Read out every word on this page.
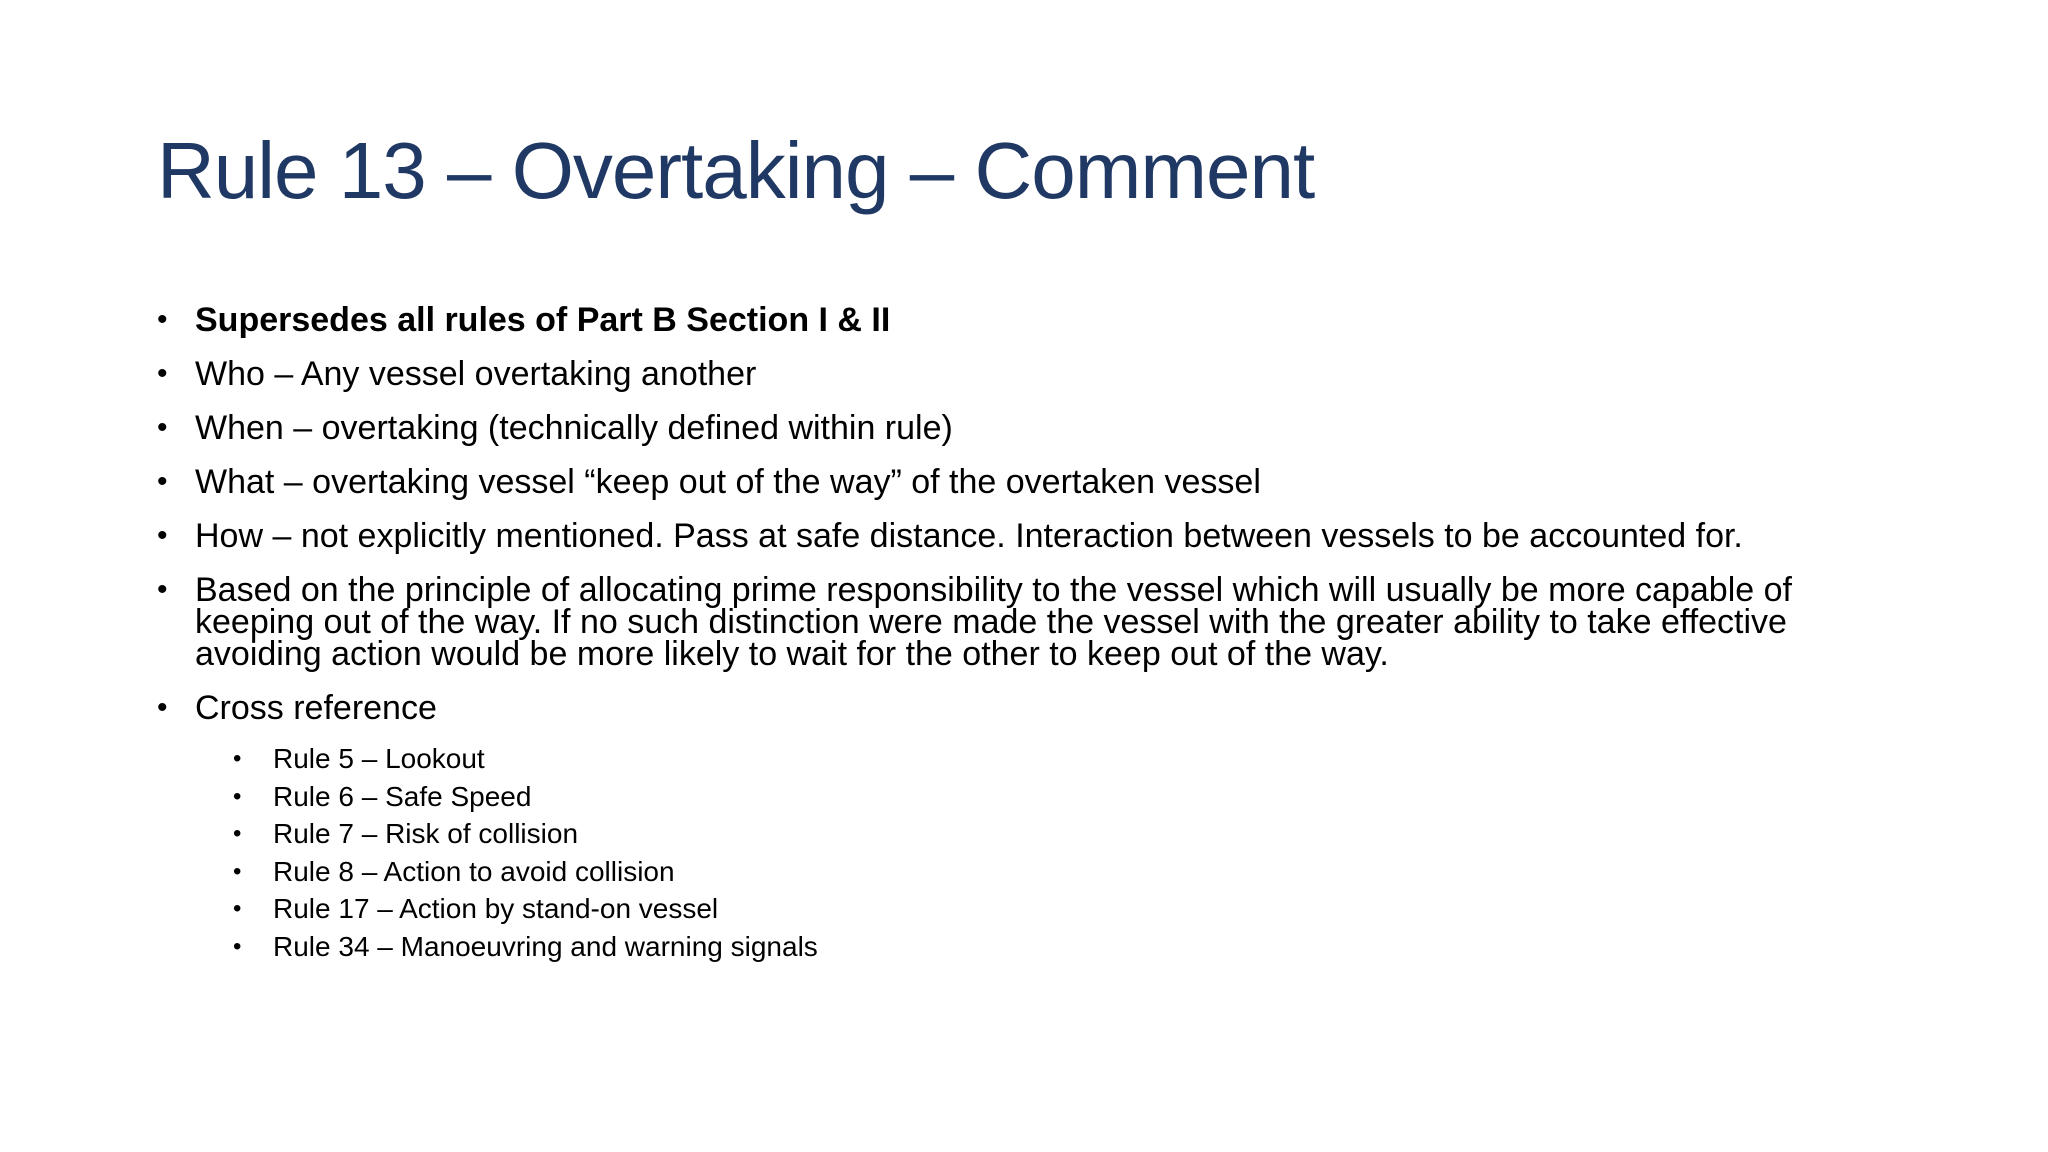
Rule 13 – Overtaking – Comment
• Supersedes all rules of Part B Section I & II
• Who – Any vessel overtaking another
• When – overtaking (technically defined within rule)
• What – overtaking vessel “keep out of the way” of the overtaken vessel
• How – not explicitly mentioned. Pass at safe distance. Interaction between vessels to be accounted for.
• Based on the principle of allocating prime responsibility to the vessel which will usually be more capable of keeping out of the way. If no such distinction were made the vessel with the greater ability to take effective avoiding action would be more likely to wait for the other to keep out of the way.
• Cross reference
• Rule 5 – Lookout
• Rule 6 – Safe Speed
• Rule 7 – Risk of collision
• Rule 8 – Action to avoid collision
• Rule 17 – Action by stand-on vessel
• Rule 34 – Manoeuvring and warning signals
